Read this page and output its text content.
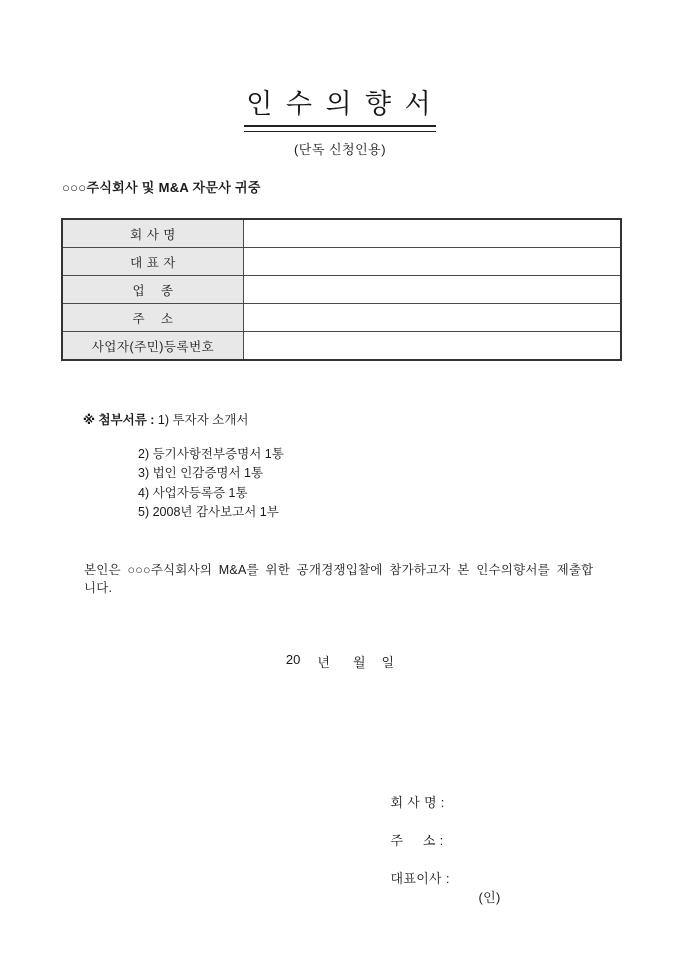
인 수 의 향 서
(단독 신청인용)
○○○주식회사 및 M&A 자문사 귀중
회 사 명	
대 표 자	
업    종	
주    소	
사업자(주민)등록번호	

※ 첨부서류 : 1) 투자자 소개서

2) 등기사항전부증명서 1통
3) 법인 인감증명서 1통
4) 사업자등록증 1통
5) 2008년 감사보고서 1부
본인은 ○○○주식회사의 M&A를 위한 공개경쟁입찰에 참가하고자 본 인수의향서를 제출합니다.
20 년 월 일

회 사 명 :

주     소 :

대표이사 :
(인)
